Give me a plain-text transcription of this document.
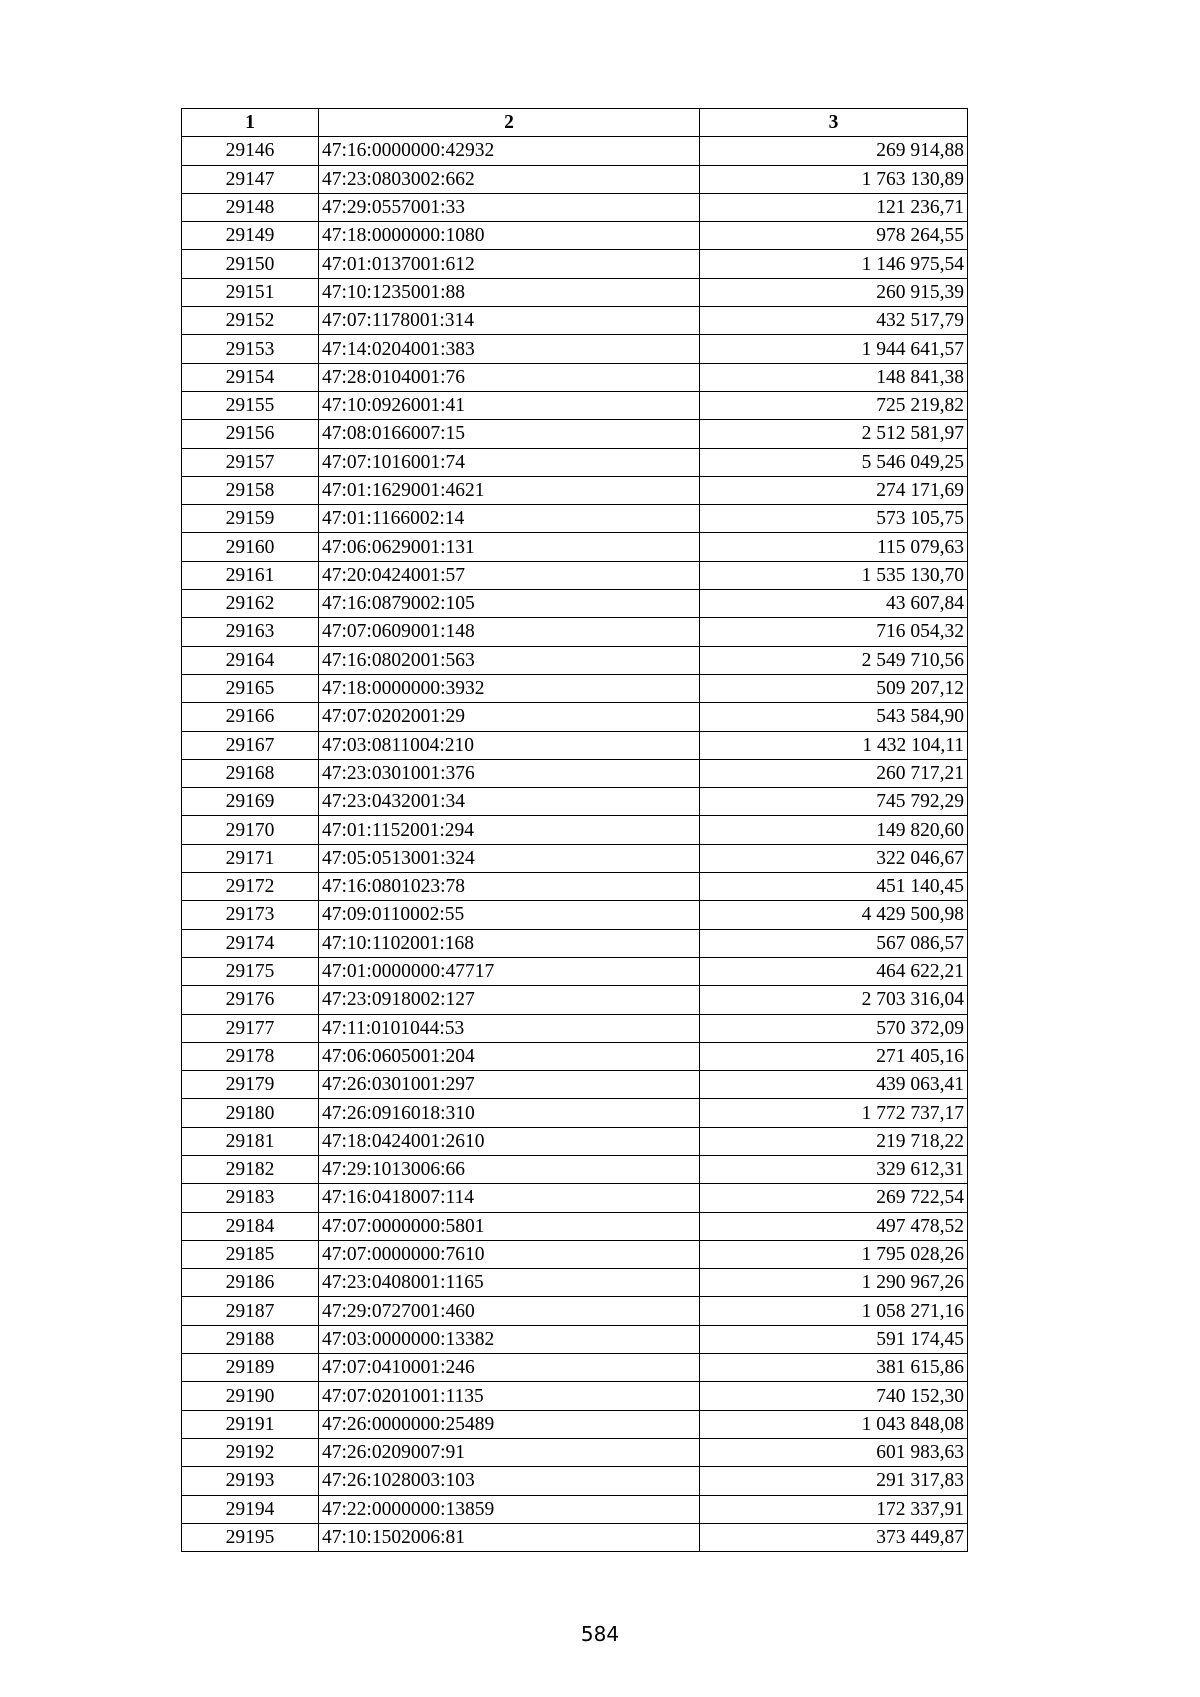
1	2	3
29146	47:16:0000000:42932	269 914,88
29147	47:23:0803002:662	1 763 130,89
29148	47:29:0557001:33	121 236,71
29149	47:18:0000000:1080	978 264,55
29150	47:01:0137001:612	1 146 975,54
29151	47:10:1235001:88	260 915,39
29152	47:07:1178001:314	432 517,79
29153	47:14:0204001:383	1 944 641,57
29154	47:28:0104001:76	148 841,38
29155	47:10:0926001:41	725 219,82
29156	47:08:0166007:15	2 512 581,97
29157	47:07:1016001:74	5 546 049,25
29158	47:01:1629001:4621	274 171,69
29159	47:01:1166002:14	573 105,75
29160	47:06:0629001:131	115 079,63
29161	47:20:0424001:57	1 535 130,70
29162	47:16:0879002:105	43 607,84
29163	47:07:0609001:148	716 054,32
29164	47:16:0802001:563	2 549 710,56
29165	47:18:0000000:3932	509 207,12
29166	47:07:0202001:29	543 584,90
29167	47:03:0811004:210	1 432 104,11
29168	47:23:0301001:376	260 717,21
29169	47:23:0432001:34	745 792,29
29170	47:01:1152001:294	149 820,60
29171	47:05:0513001:324	322 046,67
29172	47:16:0801023:78	451 140,45
29173	47:09:0110002:55	4 429 500,98
29174	47:10:1102001:168	567 086,57
29175	47:01:0000000:47717	464 622,21
29176	47:23:0918002:127	2 703 316,04
29177	47:11:0101044:53	570 372,09
29178	47:06:0605001:204	271 405,16
29179	47:26:0301001:297	439 063,41
29180	47:26:0916018:310	1 772 737,17
29181	47:18:0424001:2610	219 718,22
29182	47:29:1013006:66	329 612,31
29183	47:16:0418007:114	269 722,54
29184	47:07:0000000:5801	497 478,52
29185	47:07:0000000:7610	1 795 028,26
29186	47:23:0408001:1165	1 290 967,26
29187	47:29:0727001:460	1 058 271,16
29188	47:03:0000000:13382	591 174,45
29189	47:07:0410001:246	381 615,86
29190	47:07:0201001:1135	740 152,30
29191	47:26:0000000:25489	1 043 848,08
29192	47:26:0209007:91	601 983,63
29193	47:26:1028003:103	291 317,83
29194	47:22:0000000:13859	172 337,91
29195	47:10:1502006:81	373 449,87
584
